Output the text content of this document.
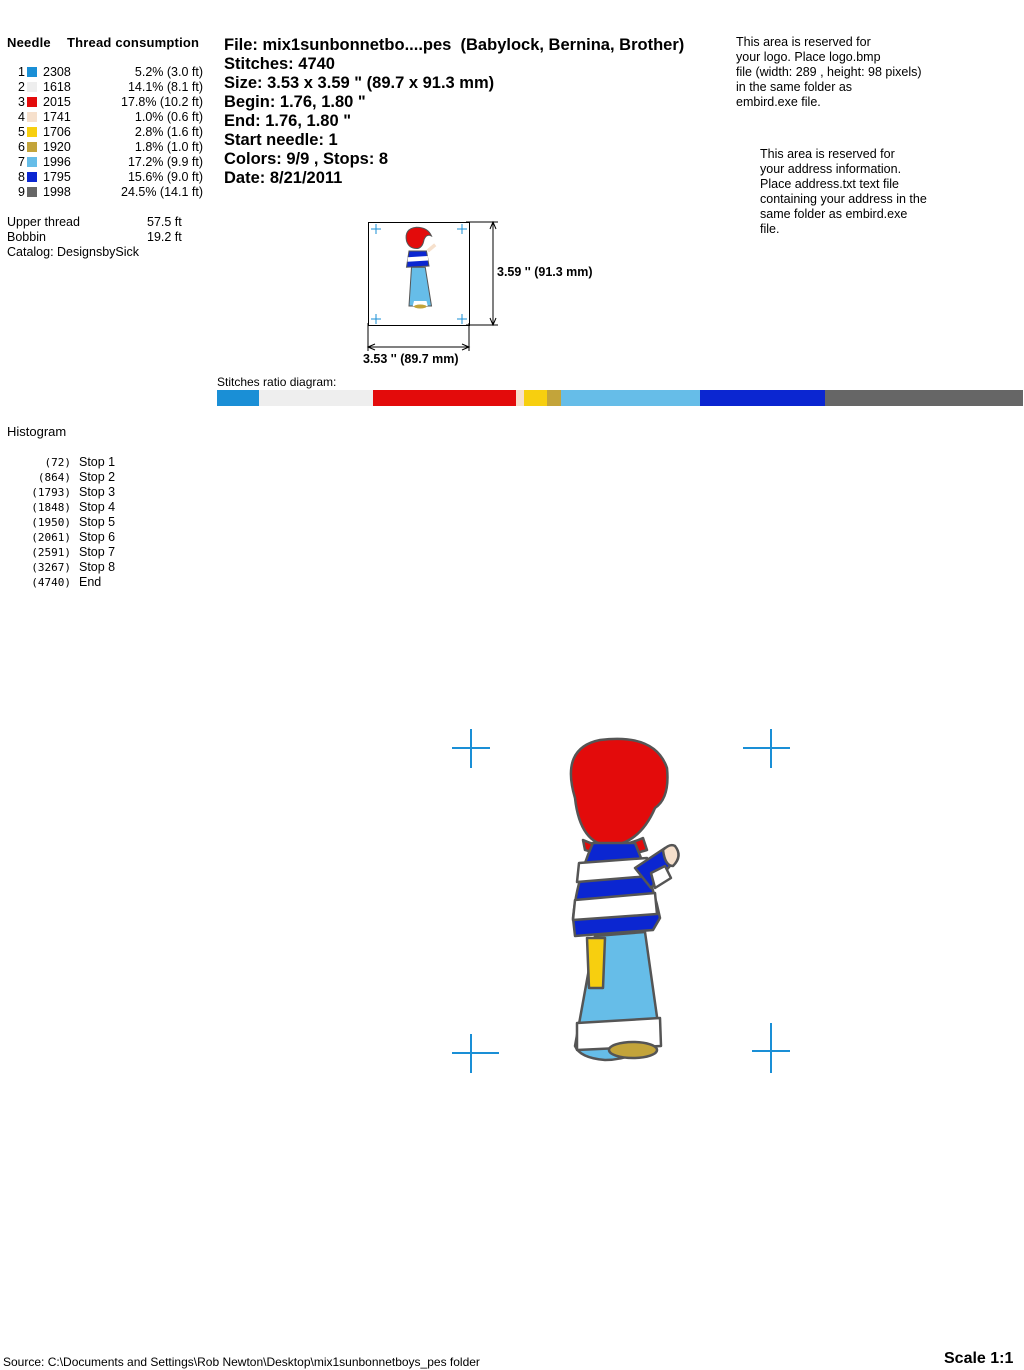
Needle Thread consumption
1 2308	5.2% (3.0 ft)
2 1618	14.1% (8.1 ft)
3 2015	17.8% (10.2 ft)
4 1741	1.0% (0.6 ft)
5 1706	2.8% (1.6 ft)
6 1920	1.8% (1.0 ft)
7 1996	17.2% (9.9 ft)
8 1795	15.6% (9.0 ft)
9 1998	24.5% (14.1 ft)
Upper thread	57.5 ft
Bobbin	19.2 ft
Catalog: DesignsbySick
File: mix1sunbonnetbo....pes  (Babylock, Bernina, Brother)
Stitches: 4740
Size: 3.53 x 3.59 " (89.7 x 91.3 mm)
Begin: 1.76, 1.80 "
End: 1.76, 1.80 "
Start needle: 1
Colors: 9/9 , Stops: 8
Date: 8/21/2011
This area is reserved for
your logo. Place logo.bmp
file (width: 289 , height: 98 pixels)
in the same folder as
embird.exe file.
This area is reserved for
your address information.
Place address.txt text file
containing your address in the
same folder as embird.exe
file.
3.59 '' (91.3 mm)
3.53 '' (89.7 mm)
Stitches ratio diagram:
Histogram
(72) Stop 1
(864) Stop 2
(1793) Stop 3
(1848) Stop 4
(1950) Stop 5
(2061) Stop 6
(2591) Stop 7
(3267) Stop 8
(4740) End
Source: C:\Documents and Settings\Rob Newton\Desktop\mix1sunbonnetboys_pes folder	Scale 1:1
